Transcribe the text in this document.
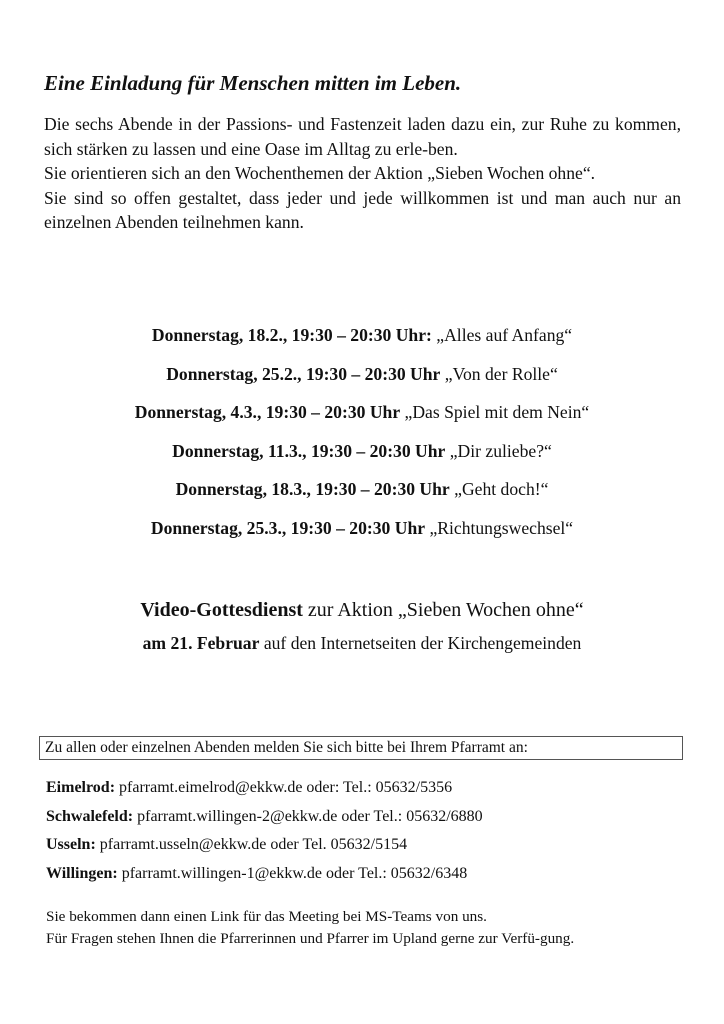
Eine Einladung für Menschen mitten im Leben.

Die sechs Abende in der Passions- und Fastenzeit laden dazu ein, zur Ruhe zu kommen, sich stärken zu lassen und eine Oase im Alltag zu erle-ben.

Sie orientieren sich an den Wochenthemen der Aktion „Sieben Wochen ohne“.

Sie sind so offen gestaltet, dass jeder und jede willkommen ist und man auch nur an einzelnen Abenden teilnehmen kann.

Donnerstag, 18.2., 19:30 – 20:30 Uhr: „Alles auf Anfang“
Donnerstag, 25.2., 19:30 – 20:30 Uhr „Von der Rolle“
Donnerstag, 4.3., 19:30 – 20:30 Uhr „Das Spiel mit dem Nein“
Donnerstag, 11.3., 19:30 – 20:30 Uhr „Dir zuliebe?“
Donnerstag, 18.3., 19:30 – 20:30 Uhr „Geht doch!“
Donnerstag, 25.3., 19:30 – 20:30 Uhr „Richtungswechsel“
Video-Gottesdienst zur Aktion „Sieben Wochen ohne“
am 21. Februar auf den Internetseiten der Kirchengemeinden
Zu allen oder einzelnen Abenden melden Sie sich bitte bei Ihrem Pfarramt an:
Eimelrod: pfarramt.eimelrod@ekkw.de oder: Tel.: 05632/5356
Schwalefeld: pfarramt.willingen-2@ekkw.de oder Tel.: 05632/6880
Usseln: pfarramt.usseln@ekkw.de oder Tel. 05632/5154
Willingen: pfarramt.willingen-1@ekkw.de oder Tel.: 05632/6348

Sie bekommen dann einen Link für das Meeting bei MS-Teams von uns.

Für Fragen stehen Ihnen die Pfarrerinnen und Pfarrer im Upland gerne zur Verfü-gung.
